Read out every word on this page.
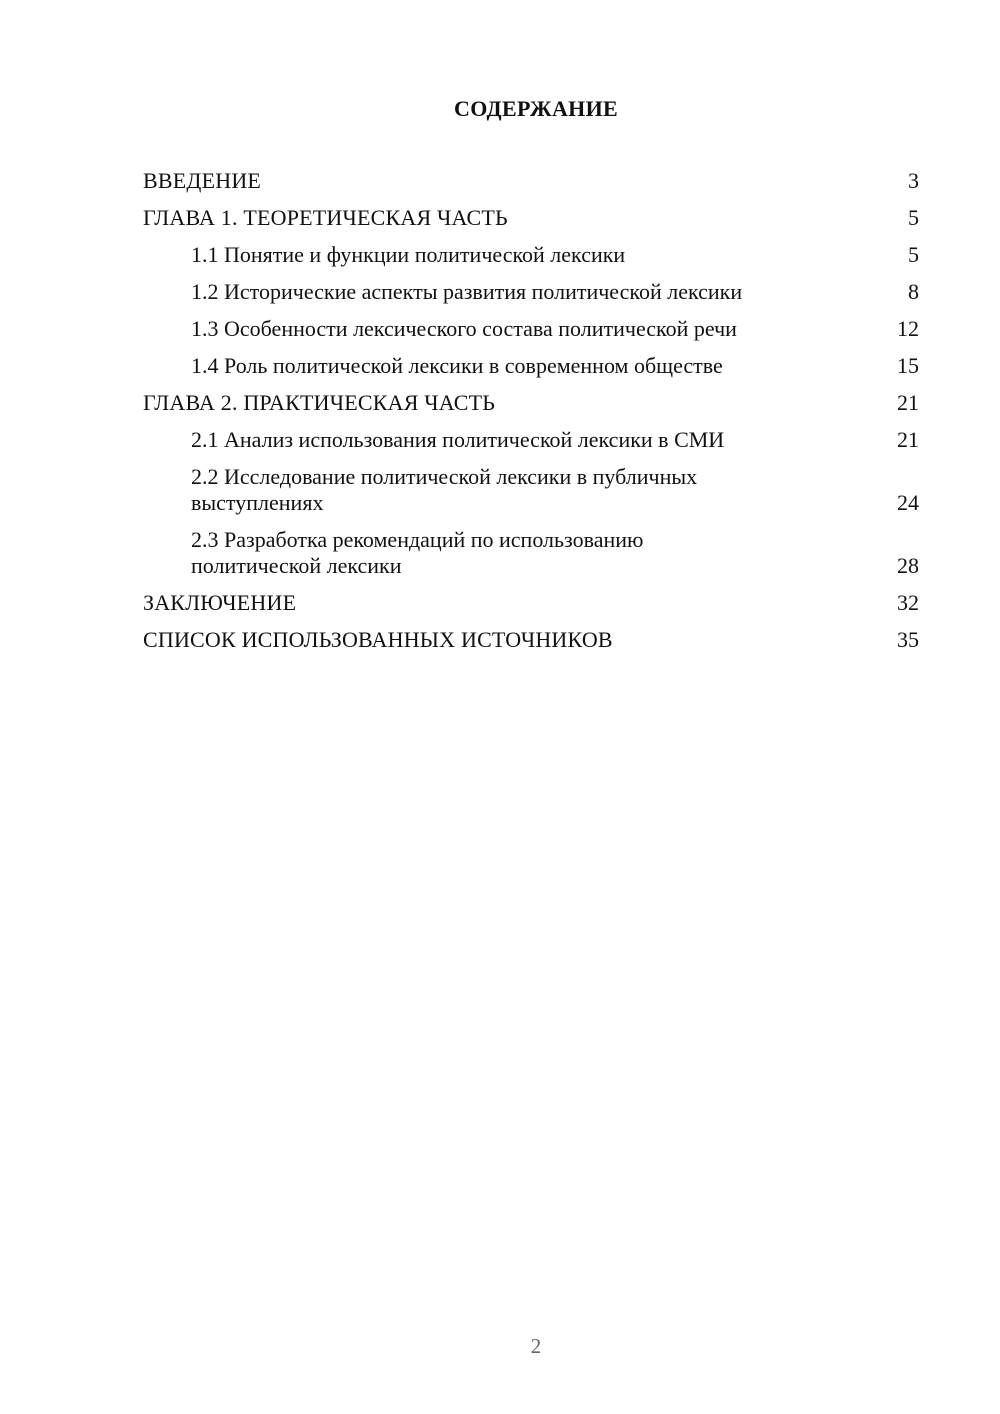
СОДЕРЖАНИЕ
ВВЕДЕНИЕ	3
ГЛАВА 1. ТЕОРЕТИЧЕСКАЯ ЧАСТЬ	5
1.1 Понятие и функции политической лексики	5
1.2 Исторические аспекты развития политической лексики	8
1.3 Особенности лексического состава политической речи	12
1.4 Роль политической лексики в современном обществе	15
ГЛАВА 2. ПРАКТИЧЕСКАЯ ЧАСТЬ	21
2.1 Анализ использования политической лексики в СМИ	21
2.2 Исследование политической лексики в публичных выступлениях	24
2.3 Разработка рекомендаций по использованию политической лексики	28
ЗАКЛЮЧЕНИЕ	32
СПИСОК ИСПОЛЬЗОВАННЫХ ИСТОЧНИКОВ	35
2
